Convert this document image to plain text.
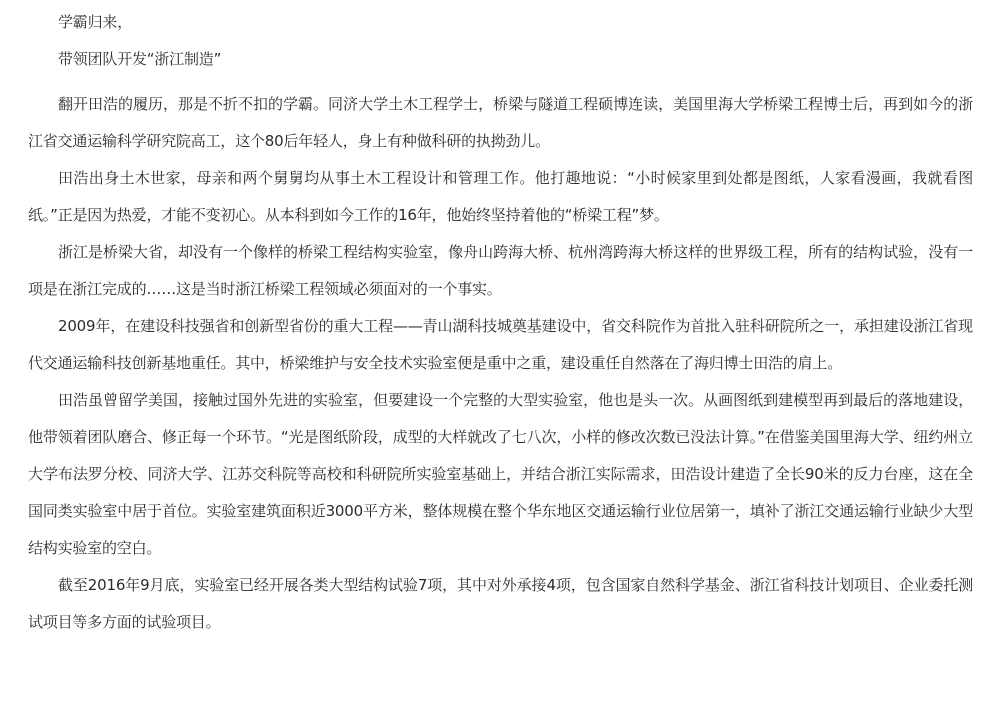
学霸归来，

带领团队开发“浙江制造”

翻开田浩的履历，那是不折不扣的学霸。同济大学土木工程学士，桥梁与隧道工程硕博连读，美国里海大学桥梁工程博士后，再到如今的浙江省交通运输科学研究院高工，这个80后年轻人，身上有种做科研的执拗劲儿。

田浩出身土木世家，母亲和两个舅舅均从事土木工程设计和管理工作。他打趣地说：“小时候家里到处都是图纸，人家看漫画，我就看图纸。”正是因为热爱，才能不变初心。从本科到如今工作的16年，他始终坚持着他的“桥梁工程”梦。

浙江是桥梁大省，却没有一个像样的桥梁工程结构实验室，像舟山跨海大桥、杭州湾跨海大桥这样的世界级工程，所有的结构试验，没有一项是在浙江完成的……这是当时浙江桥梁工程领域必须面对的一个事实。

2009年，在建设科技强省和创新型省份的重大工程——青山湖科技城奠基建设中，省交科院作为首批入驻科研院所之一，承担建设浙江省现代交通运输科技创新基地重任。其中，桥梁维护与安全技术实验室便是重中之重，建设重任自然落在了海归博士田浩的肩上。

田浩虽曾留学美国，接触过国外先进的实验室，但要建设一个完整的大型实验室，他也是头一次。从画图纸到建模型再到最后的落地建设，他带领着团队磨合、修正每一个环节。“光是图纸阶段，成型的大样就改了七八次，小样的修改次数已没法计算。”在借鉴美国里海大学、纽约州立大学布法罗分校、同济大学、江苏交科院等高校和科研院所实验室基础上，并结合浙江实际需求，田浩设计建造了全长90米的反力台座，这在全国同类实验室中居于首位。实验室建筑面积近3000平方米，整体规模在整个华东地区交通运输行业位居第一，填补了浙江交通运输行业缺少大型结构实验室的空白。

截至2016年9月底，实验室已经开展各类大型结构试验7项，其中对外承接4项，包含国家自然科学基金、浙江省科技计划项目、企业委托测试项目等多方面的试验项目。
